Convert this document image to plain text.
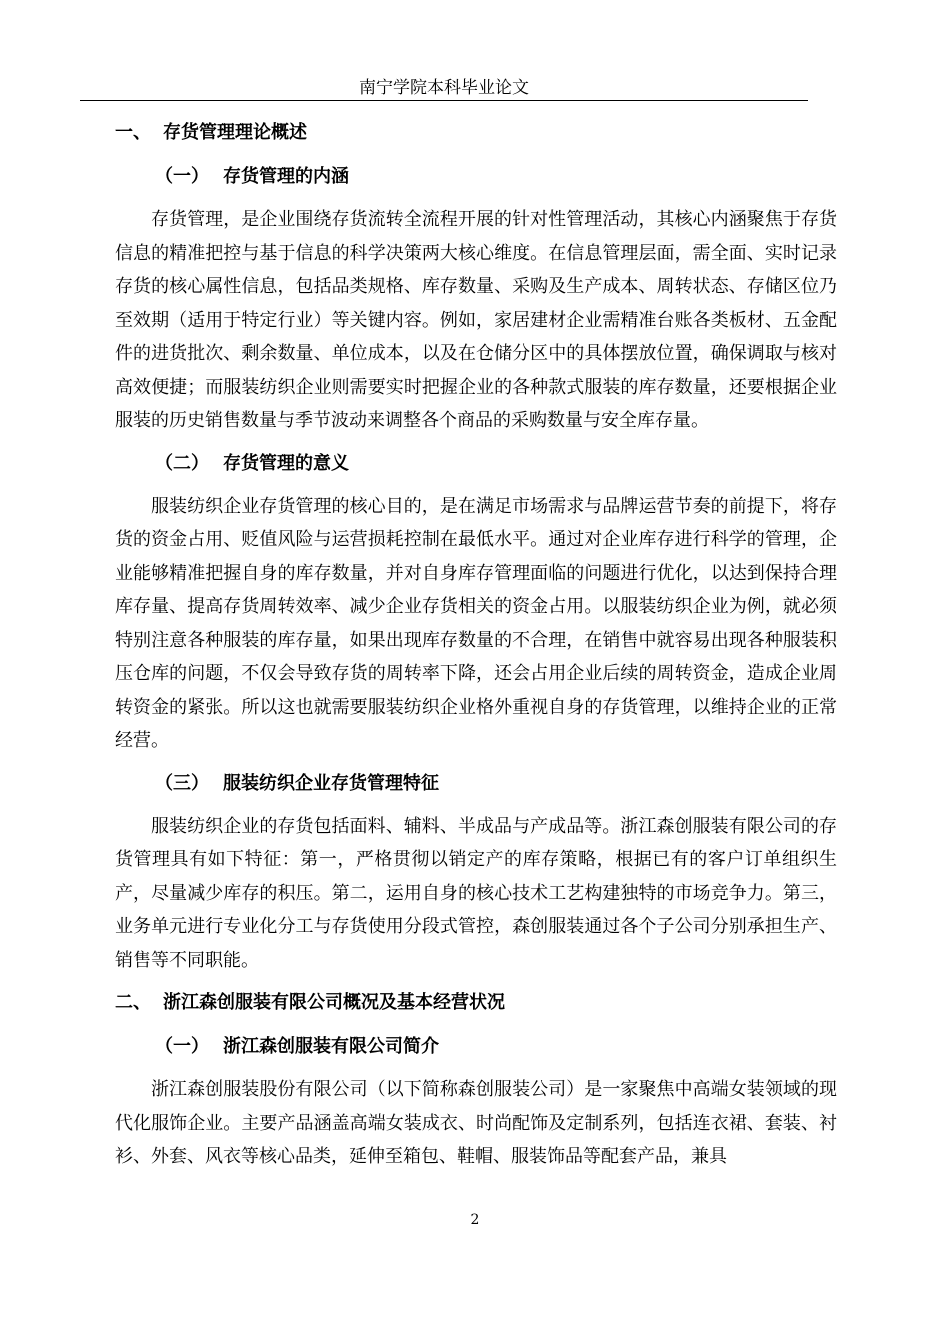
南宁学院本科毕业论文
一、 存货管理理论概述
（一） 存货管理的内涵

存货管理，是企业围绕存货流转全流程开展的针对性管理活动，其核心内涵聚焦于存货信息的精准把控与基于信息的科学决策两大核心维度。在信息管理层面，需全面、实时记录存货的核心属性信息，包括品类规格、库存数量、采购及生产成本、周转状态、存储区位乃至效期（适用于特定行业）等关键内容。例如，家居建材企业需精准台账各类板材、五金配件的进货批次、剩余数量、单位成本，以及在仓储分区中的具体摆放位置，确保调取与核对高效便捷；而服装纺织企业则需要实时把握企业的各种款式服装的库存数量，还要根据企业服装的历史销售数量与季节波动来调整各个商品的采购数量与安全库存量。

（二） 存货管理的意义

服装纺织企业存货管理的核心目的，是在满足市场需求与品牌运营节奏的前提下，将存货的资金占用、贬值风险与运营损耗控制在最低水平。通过对企业库存进行科学的管理，企业能够精准把握自身的库存数量，并对自身库存管理面临的问题进行优化，以达到保持合理库存量、提高存货周转效率、减少企业存货相关的资金占用。以服装纺织企业为例，就必须特别注意各种服装的库存量，如果出现库存数量的不合理，在销售中就容易出现各种服装积压仓库的问题，不仅会导致存货的周转率下降，还会占用企业后续的周转资金，造成企业周转资金的紧张。所以这也就需要服装纺织企业格外重视自身的存货管理，以维持企业的正常经营。

（三） 服装纺织企业存货管理特征

服装纺织企业的存货包括面料、辅料、半成品与产成品等。浙江森创服装有限公司的存货管理具有如下特征：第一，严格贯彻以销定产的库存策略，根据已有的客户订单组织生产，尽量减少库存的积压。第二，运用自身的核心技术工艺构建独特的市场竞争力。第三，业务单元进行专业化分工与存货使用分段式管控，森创服装通过各个子公司分别承担生产、销售等不同职能。

二、 浙江森创服装有限公司概况及基本经营状况
（一） 浙江森创服装有限公司简介

浙江森创服装股份有限公司（以下简称森创服装公司）是一家聚焦中高端女装领域的现代化服饰企业。主要产品涵盖高端女装成衣、时尚配饰及定制系列，包括连衣裙、套装、衬衫、外套、风衣等核心品类，延伸至箱包、鞋帽、服装饰品等配套产品，兼具

2
